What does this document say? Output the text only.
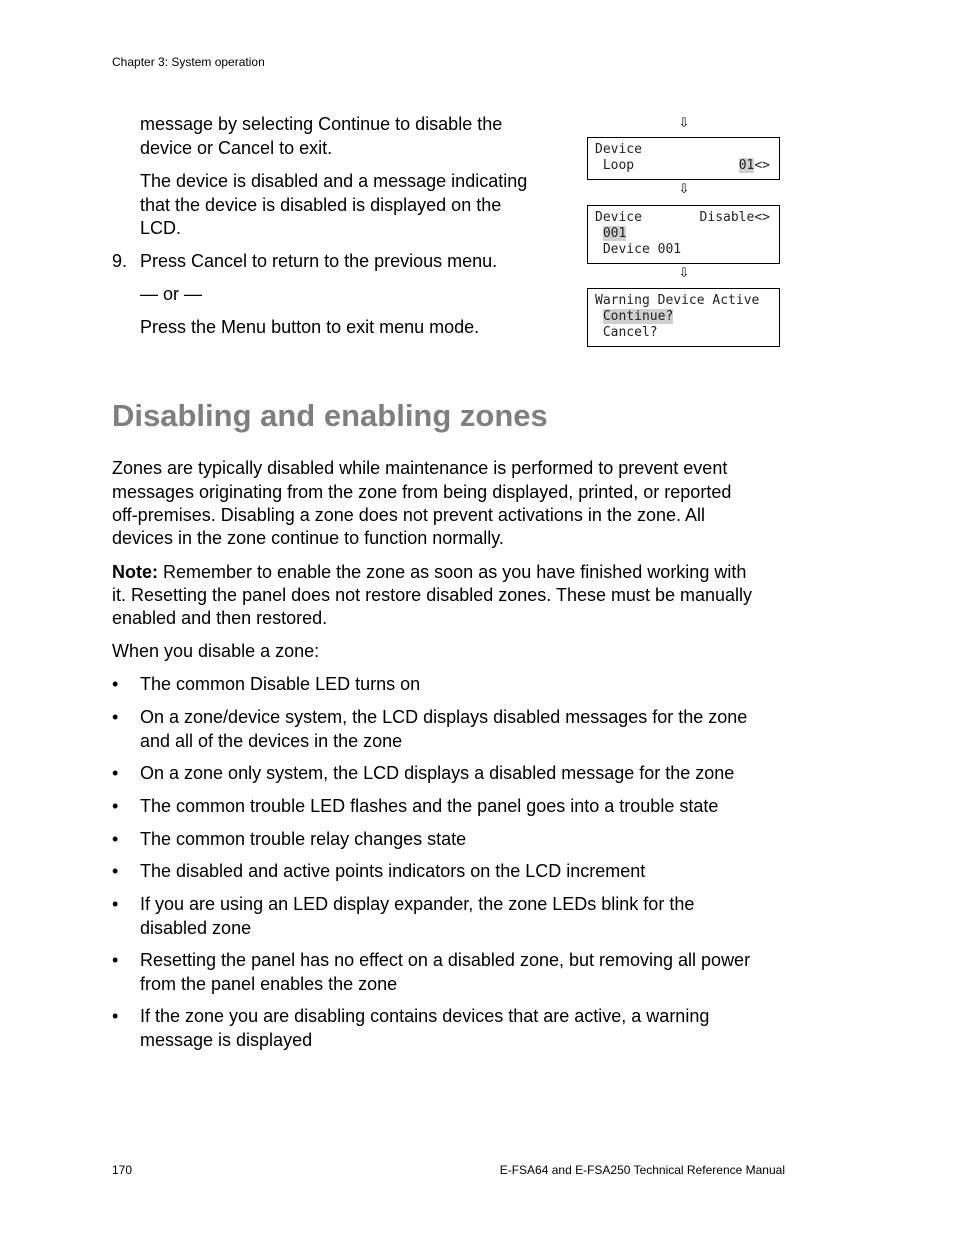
Chapter 3: System operation
message by selecting Continue to disable the
device or Cancel to exit.
The device is disabled and a message indicating
that the device is disabled is displayed on the
LCD.
9. Press Cancel to return to the previous menu.
— or —
Press the Menu button to exit menu mode.
⇩
Device
Loop	01<>
⇩
Device	Disable<>
001
Device 001
⇩
Warning Device Active
Continue?
Cancel?
Disabling and enabling zones
Zones are typically disabled while maintenance is performed to prevent event
messages originating from the zone from being displayed, printed, or reported
off-premises. Disabling a zone does not prevent activations in the zone. All
devices in the zone continue to function normally.
Note: Remember to enable the zone as soon as you have finished working with
it. Resetting the panel does not restore disabled zones. These must be manually
enabled and then restored.
When you disable a zone:
• The common Disable LED turns on
• On a zone/device system, the LCD displays disabled messages for the zone
and all of the devices in the zone
• On a zone only system, the LCD displays a disabled message for the zone
• The common trouble LED flashes and the panel goes into a trouble state
• The common trouble relay changes state
• The disabled and active points indicators on the LCD increment
• If you are using an LED display expander, the zone LEDs blink for the
disabled zone
• Resetting the panel has no effect on a disabled zone, but removing all power
from the panel enables the zone
• If the zone you are disabling contains devices that are active, a warning
message is displayed
170	E-FSA64 and E-FSA250 Technical Reference Manual
